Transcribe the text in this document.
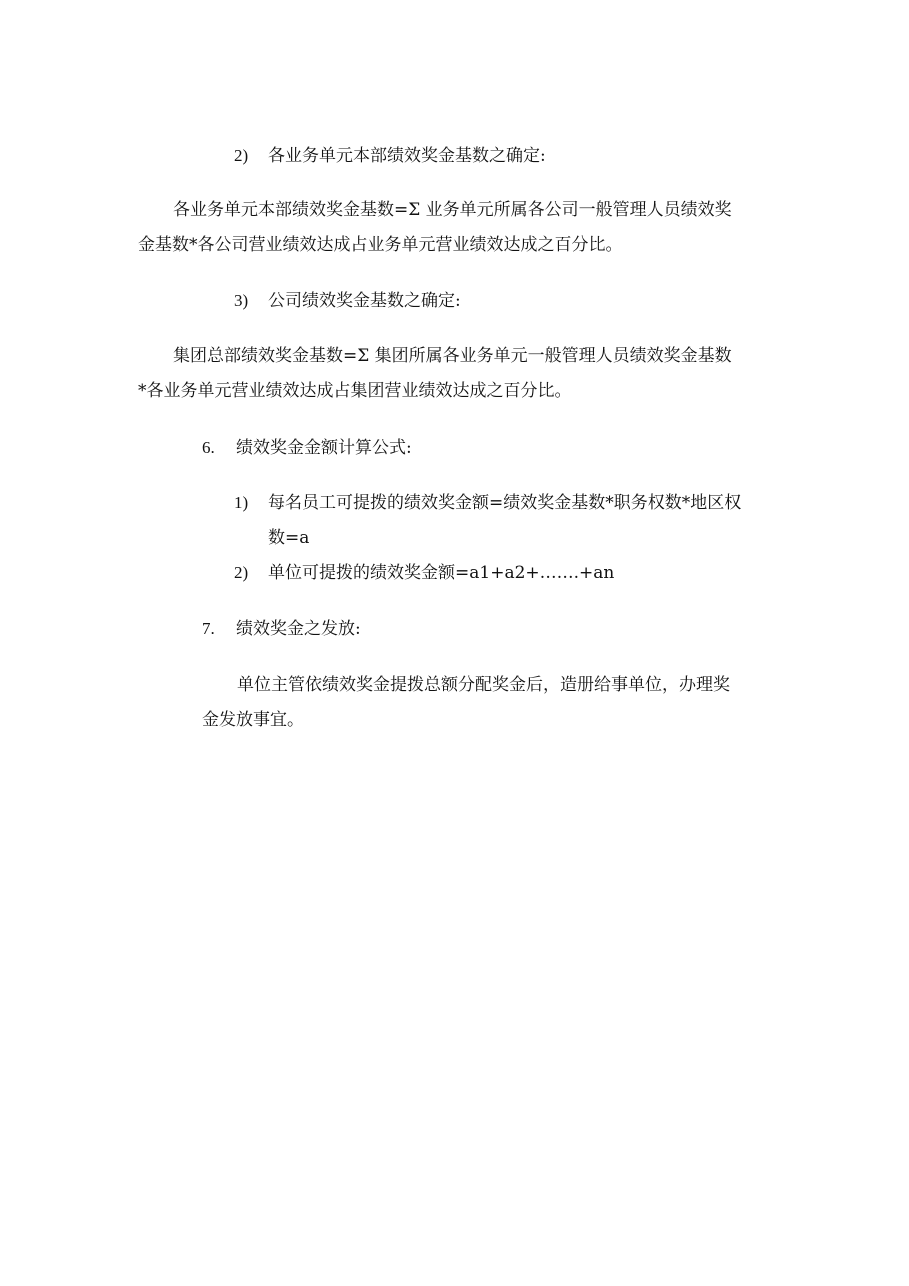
2) 各业务单元本部绩效奖金基数之确定:
各业务单元本部绩效奖金基数=Σ 业务单元所属各公司一般管理人员绩效奖
金基数*各公司营业绩效达成占业务单元营业绩效达成之百分比。
3) 公司绩效奖金基数之确定:
集团总部绩效奖金基数=Σ 集团所属各业务单元一般管理人员绩效奖金基数
*各业务单元营业绩效达成占集团营业绩效达成之百分比。
6. 绩效奖金金额计算公式:
1) 每名员工可提拨的绩效奖金额=绩效奖金基数*职务权数*地区权
数=a
2) 单位可提拨的绩效奖金额=a1+a2+…….+an
7. 绩效奖金之发放:
单位主管依绩效奖金提拨总额分配奖金后，造册给事单位，办理奖
金发放事宜。
